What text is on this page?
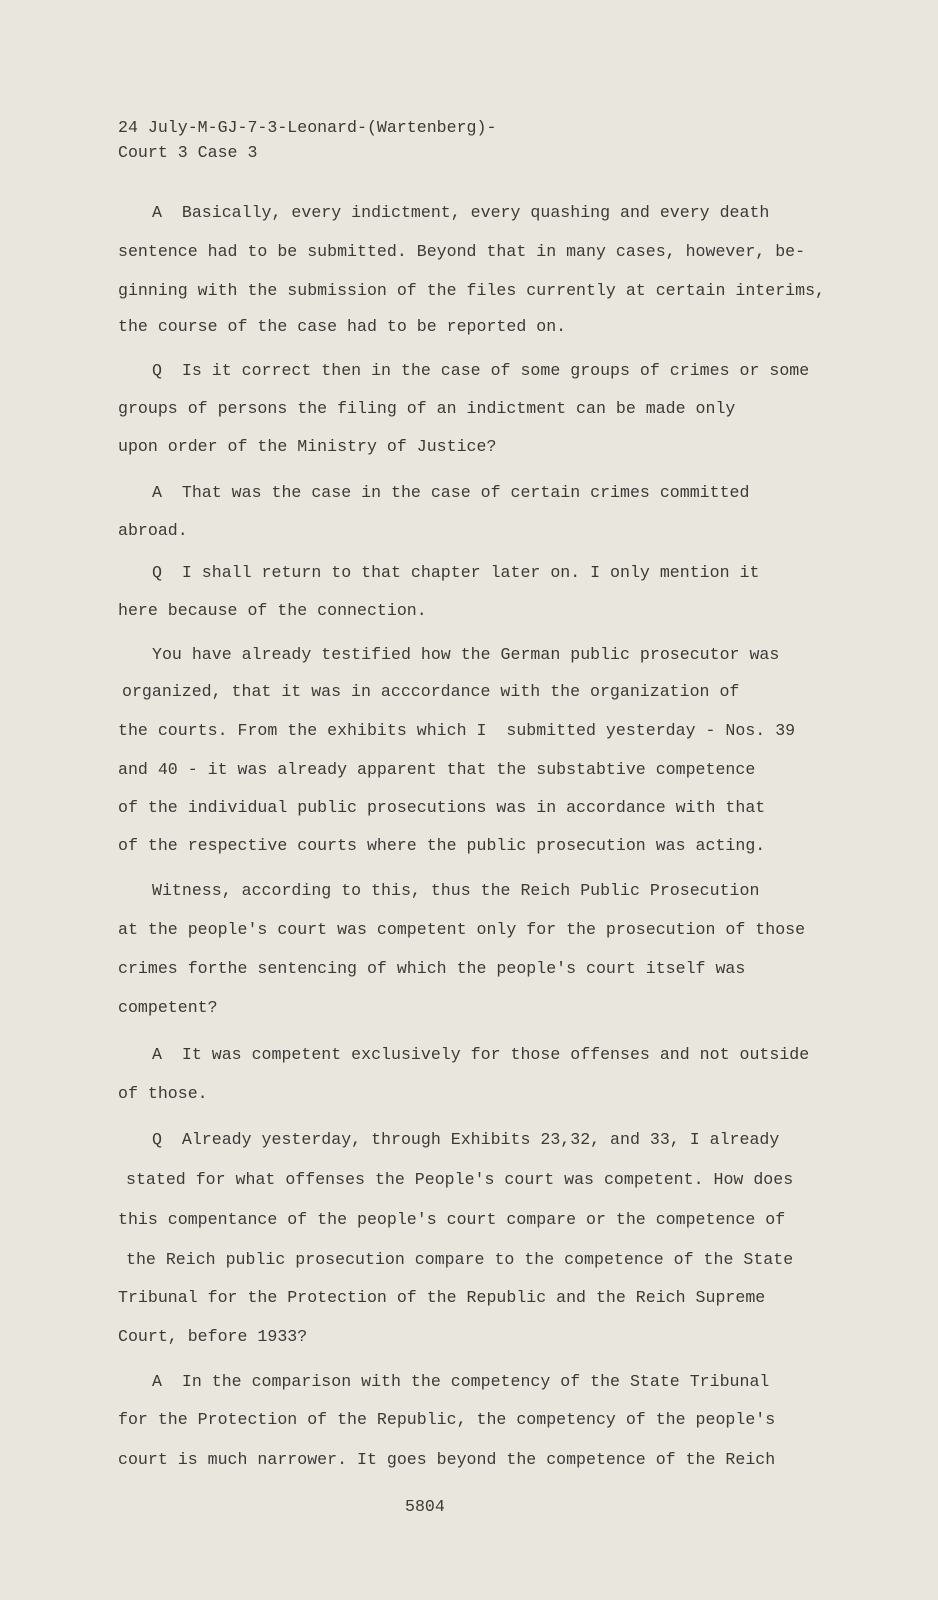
24 July-M-GJ-7-3-Leonard-(Wartenberg)-
Court 3 Case 3
A  Basically, every indictment, every quashing and every death
sentence had to be submitted. Beyond that in many cases, however, be-
ginning with the submission of the files currently at certain interims,
the course of the case had to be reported on.
Q  Is it correct then in the case of some groups of crimes or some
groups of persons the filing of an indictment can be made only
upon order of the Ministry of Justice?
A  That was the case in the case of certain crimes committed
abroad.
Q  I shall return to that chapter later on. I only mention it
here because of the connection.
You have already testified how the German public prosecutor was
organized, that it was in acccordance with the organization of
the courts. From the exhibits which I  submitted yesterday - Nos. 39
and 40 - it was already apparent that the substabtive competence
of the individual public prosecutions was in accordance with that
of the respective courts where the public prosecution was acting.
Witness, according to this, thus the Reich Public Prosecution
at the people's court was competent only for the prosecution of those
crimes forthe sentencing of which the people's court itself was
competent?
A  It was competent exclusively for those offenses and not outside
of those.
Q  Already yesterday, through Exhibits 23,32, and 33, I already
stated for what offenses the People's court was competent. How does
this compentance of the people's court compare or the competence of
the Reich public prosecution compare to the competence of the State
Tribunal for the Protection of the Republic and the Reich Supreme
Court, before 1933?
A  In the comparison with the competency of the State Tribunal
for the Protection of the Republic, the competency of the people's
court is much narrower. It goes beyond the competence of the Reich
5804
